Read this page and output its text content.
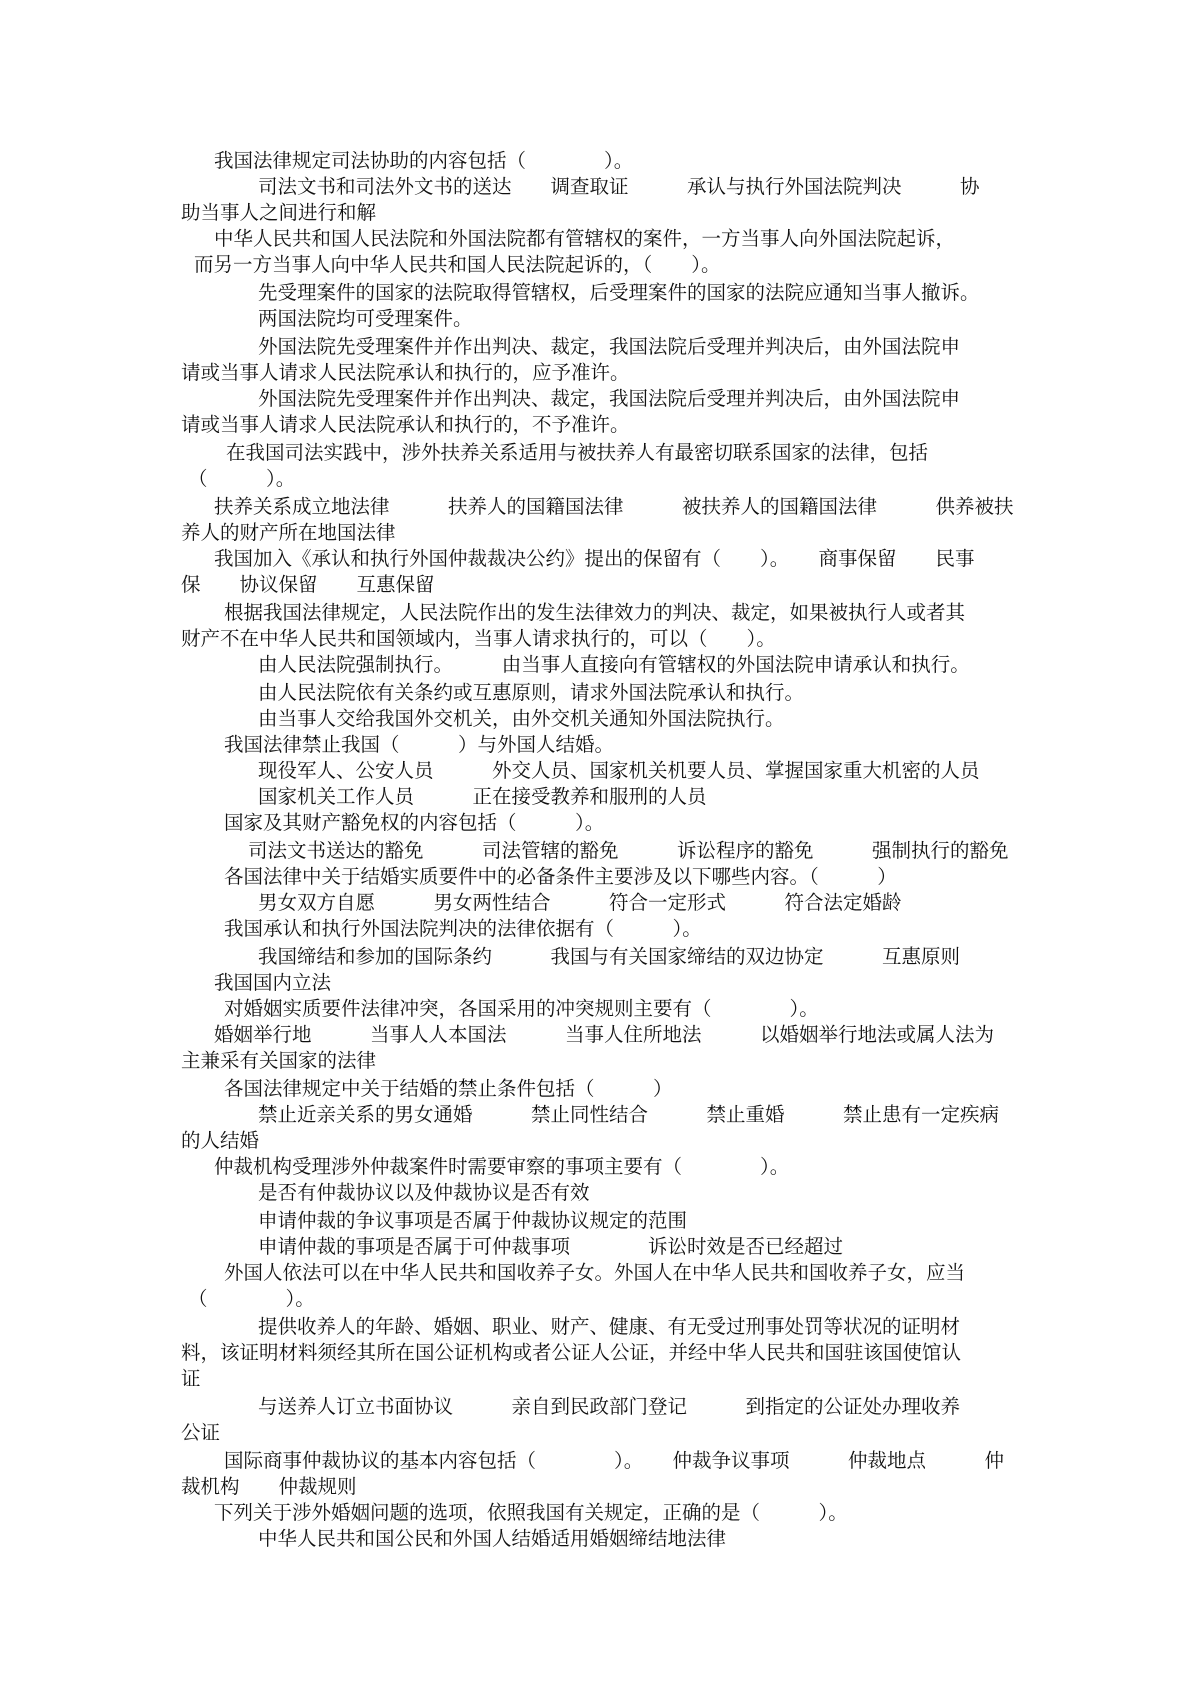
我国法律规定司法协助的内容包括（　　　　）。

司法文书和司法外文书的送达　　调查取证　　　承认与执行外国法院判决　　　协

助当事人之间进行和解

中华人民共和国人民法院和外国法院都有管辖权的案件，一方当事人向外国法院起诉，

而另一方当事人向中华人民共和国人民法院起诉的，（　　）。

先受理案件的国家的法院取得管辖权，后受理案件的国家的法院应通知当事人撤诉。

两国法院均可受理案件。

外国法院先受理案件并作出判决、裁定，我国法院后受理并判决后，由外国法院申

请或当事人请求人民法院承认和执行的，应予准许。

外国法院先受理案件并作出判决、裁定，我国法院后受理并判决后，由外国法院申

请或当事人请求人民法院承认和执行的，不予准许。

在我国司法实践中，涉外扶养关系适用与被扶养人有最密切联系国家的法律，包括

（　　　）。

扶养关系成立地法律　　　扶养人的国籍国法律　　　被扶养人的国籍国法律　　　供养被扶

养人的财产所在地国法律

我国加入《承认和执行外国仲裁裁决公约》提出的保留有（　　）。　　商事保留　　民事

保　　协议保留　　互惠保留

根据我国法律规定，人民法院作出的发生法律效力的判决、裁定，如果被执行人或者其

财产不在中华人民共和国领域内，当事人请求执行的，可以（　　）。

由人民法院强制执行。　　　由当事人直接向有管辖权的外国法院申请承认和执行。

由人民法院依有关条约或互惠原则，请求外国法院承认和执行。

由当事人交给我国外交机关，由外交机关通知外国法院执行。

我国法律禁止我国（　　　）与外国人结婚。

现役军人、公安人员　　　外交人员、国家机关机要人员、掌握国家重大机密的人员

国家机关工作人员　　　正在接受教养和服刑的人员

国家及其财产豁免权的内容包括（　　　）。

司法文书送达的豁免　　　司法管辖的豁免　　　诉讼程序的豁免　　　强制执行的豁免

各国法律中关于结婚实质要件中的必备条件主要涉及以下哪些内容。（　　　）

男女双方自愿　　　男女两性结合　　　符合一定形式　　　符合法定婚龄

我国承认和执行外国法院判决的法律依据有（　　　）。

我国缔结和参加的国际条约　　　我国与有关国家缔结的双边协定　　　互惠原则

我国国内立法

对婚姻实质要件法律冲突，各国采用的冲突规则主要有（　　　　）。

婚姻举行地　　　当事人人本国法　　　当事人住所地法　　　以婚姻举行地法或属人法为

主兼采有关国家的法律

各国法律规定中关于结婚的禁止条件包括（　　　）

禁止近亲关系的男女通婚　　　禁止同性结合　　　禁止重婚　　　禁止患有一定疾病

的人结婚

仲裁机构受理涉外仲裁案件时需要审察的事项主要有（　　　　）。

是否有仲裁协议以及仲裁协议是否有效

申请仲裁的争议事项是否属于仲裁协议规定的范围

申请仲裁的事项是否属于可仲裁事项　　　　诉讼时效是否已经超过

外国人依法可以在中华人民共和国收养子女。外国人在中华人民共和国收养子女，应当

（　　　　）。

提供收养人的年龄、婚姻、职业、财产、健康、有无受过刑事处罚等状况的证明材

料，该证明材料须经其所在国公证机构或者公证人公证，并经中华人民共和国驻该国使馆认

证

与送养人订立书面协议　　　亲自到民政部门登记　　　到指定的公证处办理收养

公证

国际商事仲裁协议的基本内容包括（　　　　）。　　仲裁争议事项　　　仲裁地点　　　仲

裁机构　　仲裁规则

下列关于涉外婚姻问题的选项，依照我国有关规定，正确的是（　　　）。

中华人民共和国公民和外国人结婚适用婚姻缔结地法律
